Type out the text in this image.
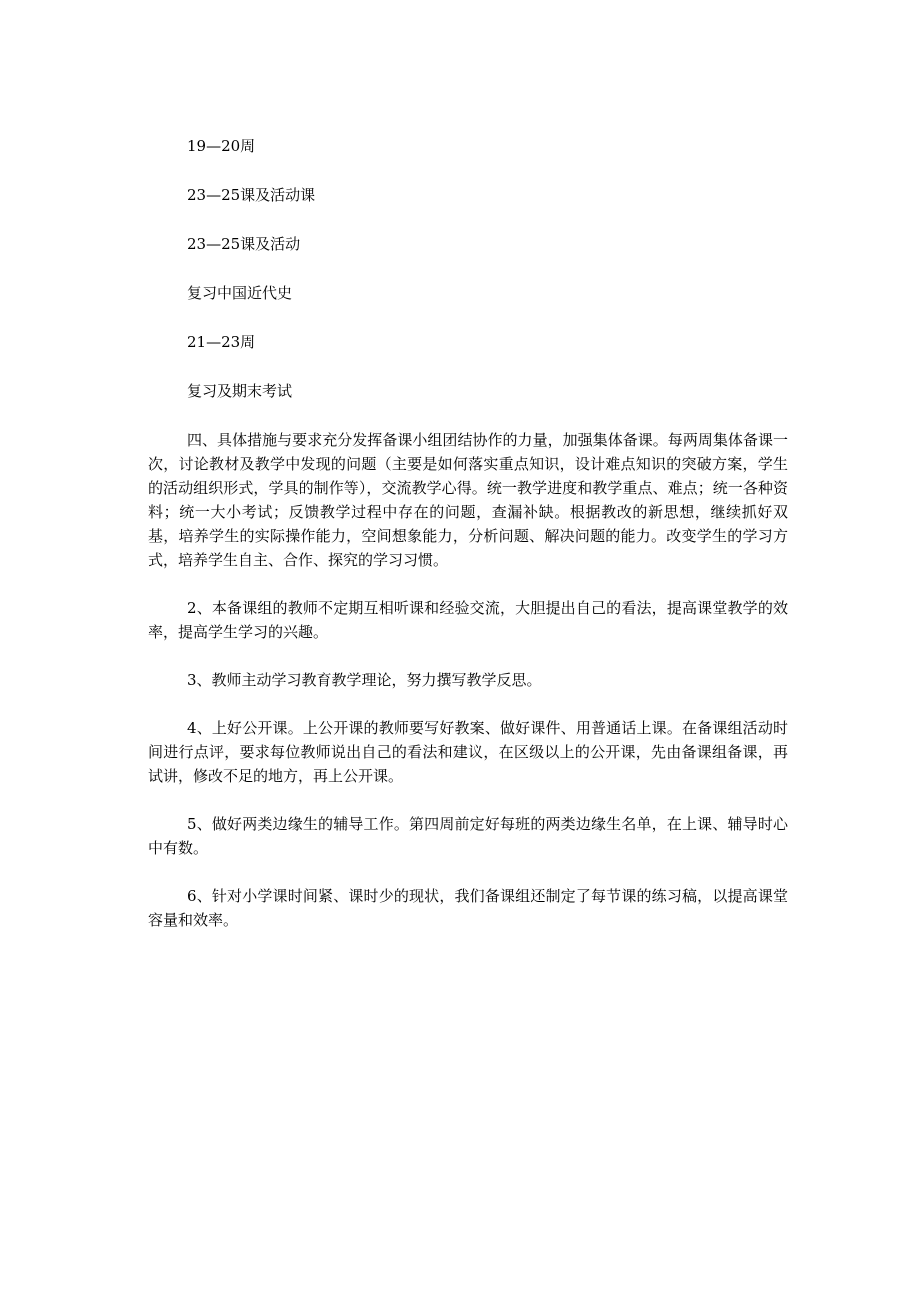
19—20周

23—25课及活动课

23—25课及活动

复习中国近代史

21—23周

复习及期末考试

四、具体措施与要求充分发挥备课小组团结协作的力量，加强集体备课。每两周集体备课一次，讨论教材及教学中发现的问题（主要是如何落实重点知识，设计难点知识的突破方案，学生的活动组织形式，学具的制作等），交流教学心得。统一教学进度和教学重点、难点；统一各种资料；统一大小考试；反馈教学过程中存在的问题，查漏补缺。根据教改的新思想，继续抓好双基，培养学生的实际操作能力，空间想象能力，分析问题、解决问题的能力。改变学生的学习方式，培养学生自主、合作、探究的学习习惯。

2、本备课组的教师不定期互相听课和经验交流，大胆提出自己的看法，提高课堂教学的效率，提高学生学习的兴趣。

3、教师主动学习教育教学理论，努力撰写教学反思。

4、上好公开课。上公开课的教师要写好教案、做好课件、用普通话上课。在备课组活动时间进行点评，要求每位教师说出自己的看法和建议，在区级以上的公开课，先由备课组备课，再试讲，修改不足的地方，再上公开课。

5、做好两类边缘生的辅导工作。第四周前定好每班的两类边缘生名单，在上课、辅导时心中有数。

6、针对小学课时间紧、课时少的现状，我们备课组还制定了每节课的练习稿，以提高课堂容量和效率。
